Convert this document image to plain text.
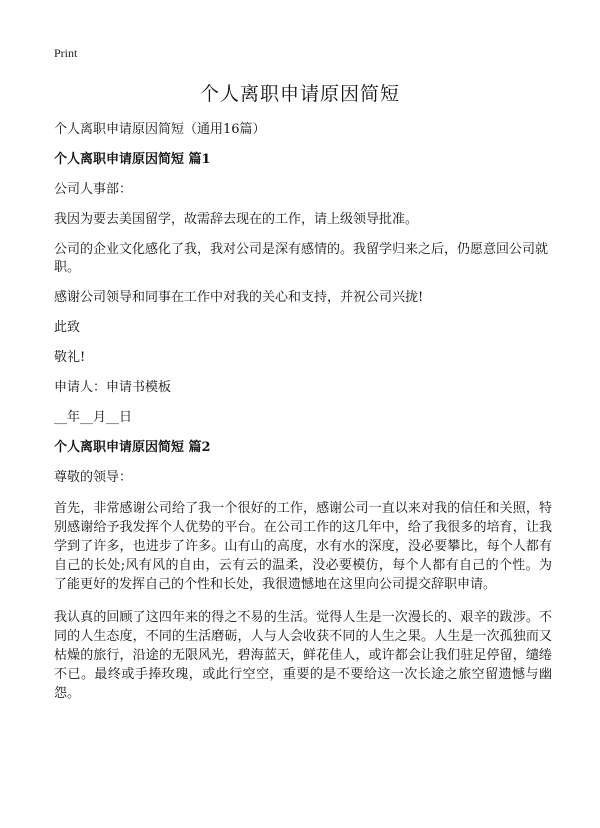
Print
个人离职申请原因简短

个人离职申请原因简短（通用16篇）

个人离职申请原因简短 篇1

公司人事部：

我因为要去美国留学，故需辞去现在的工作，请上级领导批准。

公司的企业文化感化了我，我对公司是深有感情的。我留学归来之后，仍愿意回公司就职。

感谢公司领导和同事在工作中对我的关心和支持，并祝公司兴拢!

此致

敬礼!

申请人：申请书模板

__年__月__日

个人离职申请原因简短 篇2

尊敬的领导：

首先，非常感谢公司给了我一个很好的工作，感谢公司一直以来对我的信任和关照，特别感谢给予我发挥个人优势的平台。在公司工作的这几年中，给了我很多的培育，让我学到了许多，也进步了许多。山有山的高度，水有水的深度，没必要攀比，每个人都有自己的长处;风有风的自由，云有云的温柔，没必要模仿，每个人都有自己的个性。为了能更好的发挥自己的个性和长处，我很遗憾地在这里向公司提交辞职申请。

我认真的回顾了这四年来的得之不易的生活。觉得人生是一次漫长的、艰辛的跋涉。不同的人生态度，不同的生活磨砺，人与人会收获不同的人生之果。人生是一次孤独而又枯燥的旅行，沿途的无限风光，碧海蓝天，鲜花佳人，或许都会让我们驻足停留，缱绻不已。最终或手捧玫瑰，或此行空空，重要的是不要给这一次长途之旅空留遗憾与幽怨。
